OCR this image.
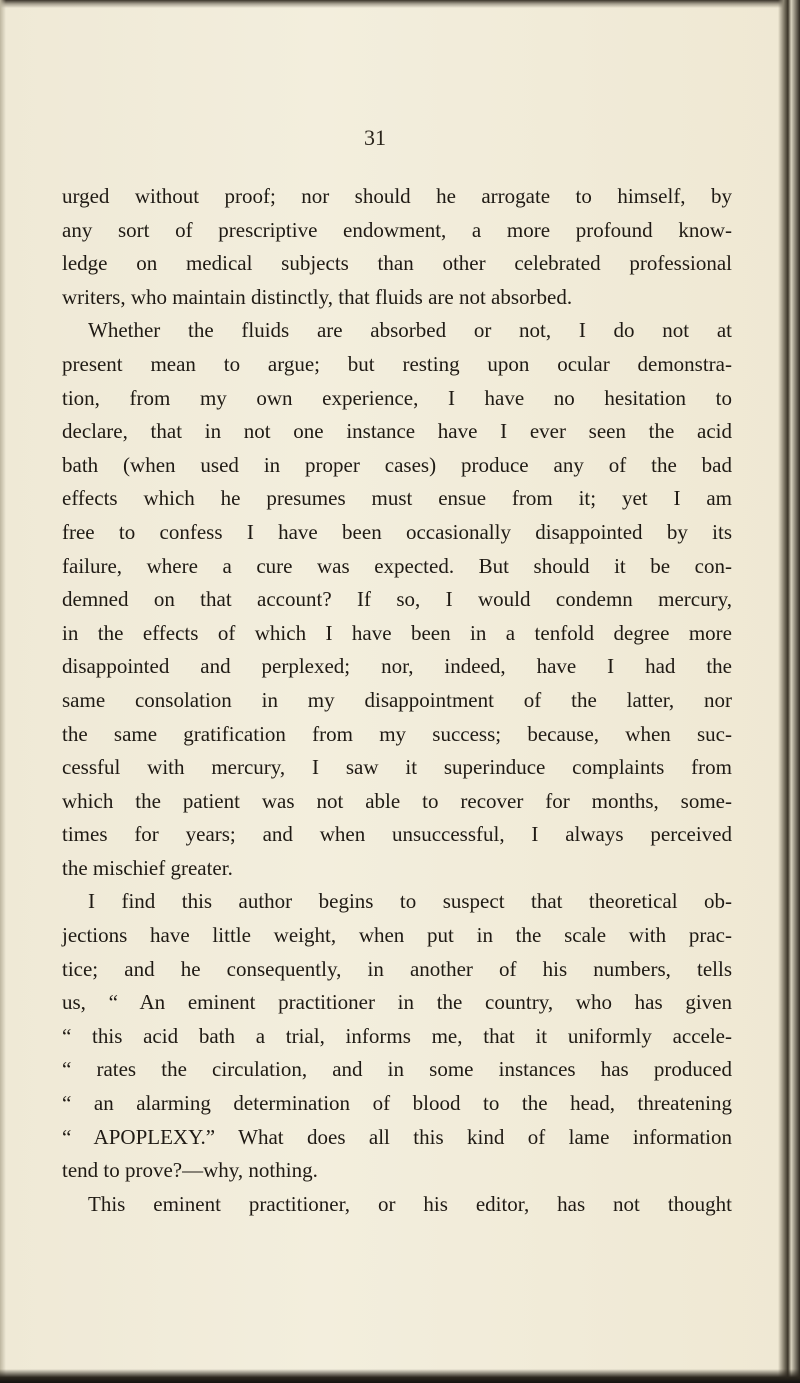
31
urged without proof; nor should he arrogate to himself, by
any sort of prescriptive endowment, a more profound know-
ledge on medical subjects than other celebrated professional
writers, who maintain distinctly, that fluids are not absorbed.
Whether the fluids are absorbed or not, I do not at
present mean to argue; but resting upon ocular demonstra-
tion, from my own experience, I have no hesitation to
declare, that in not one instance have I ever seen the acid
bath (when used in proper cases) produce any of the bad
effects which he presumes must ensue from it; yet I am
free to confess I have been occasionally disappointed by its
failure, where a cure was expected. But should it be con-
demned on that account? If so, I would condemn mercury,
in the effects of which I have been in a tenfold degree more
disappointed and perplexed; nor, indeed, have I had the
same consolation in my disappointment of the latter, nor
the same gratification from my success; because, when suc-
cessful with mercury, I saw it superinduce complaints from
which the patient was not able to recover for months, some-
times for years; and when unsuccessful, I always perceived
the mischief greater.
I find this author begins to suspect that theoretical ob-
jections have little weight, when put in the scale with prac-
tice; and he consequently, in another of his numbers, tells
us, “ An eminent practitioner in the country, who has given
“ this acid bath a trial, informs me, that it uniformly accele-
“ rates the circulation, and in some instances has produced
“ an alarming determination of blood to the head, threatening
“ APOPLEXY.” What does all this kind of lame information
tend to prove?—why, nothing.
This eminent practitioner, or his editor, has not thought
